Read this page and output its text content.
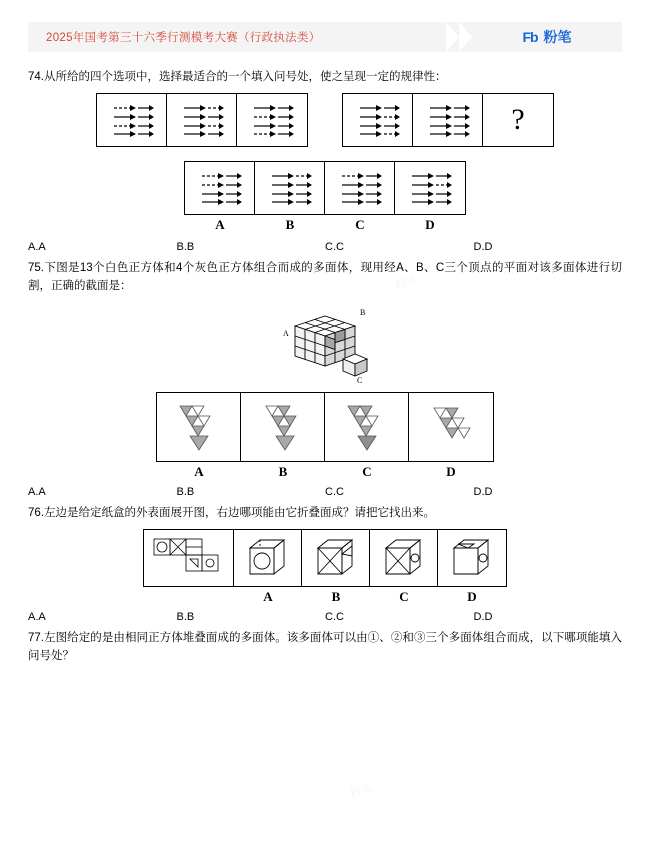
2025年国考第三十六季行测模考大赛（行政执法类）	Fb 粉笔
74.从所给的四个选项中，选择最适合的一个填入问号处，使之呈现一定的规律性：
?
A	B	C	D
A.A	B.B	C.C	D.D
75.下图是13个白色正方体和4个灰色正方体组合而成的多面体，现用经A、B、C三个顶点的平面对该多面体进行切割，正确的截面是：
A
B
C
A	B	C	D
A.A	B.B	C.C	D.D
76.左边是给定纸盒的外表面展开图，右边哪项能由它折叠面成？请把它找出来。
A	B	C	D
A.A	B.B	C.C	D.D
77.左图给定的是由相同正方体堆叠面成的多面体。该多面体可以由①、②和③三个多面体组合而成，以下哪项能填入问号处？
粉笔
粉笔
